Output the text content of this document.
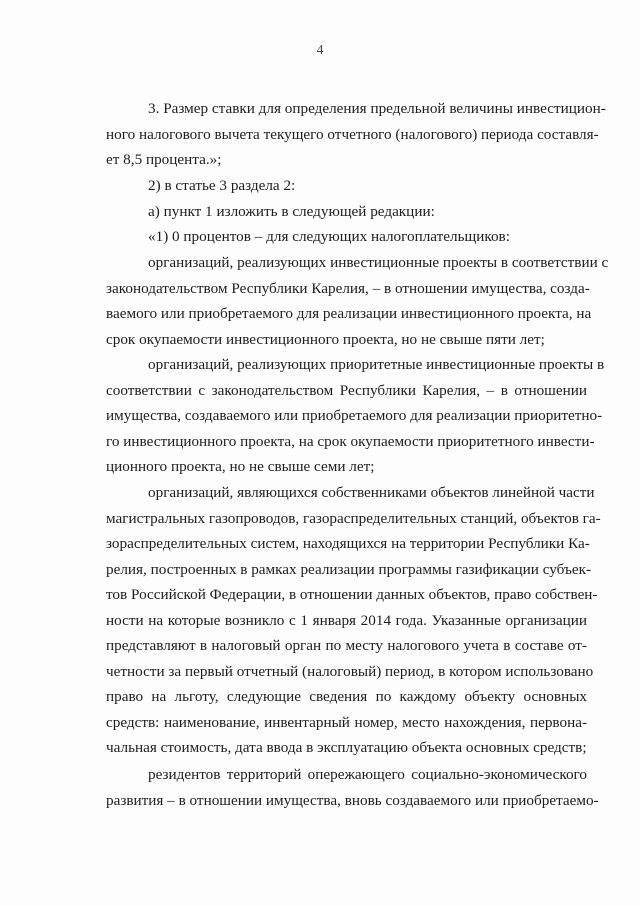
4
3. Размер ставки для определения предельной величины инвестицион-
ного налогового вычета текущего отчетного (налогового) периода составля-
ет 8,5 процента.»;
2) в статье 3 раздела 2:
а) пункт 1 изложить в следующей редакции:
«1) 0 процентов – для следующих налогоплательщиков:
организаций, реализующих инвестиционные проекты в соответствии с
законодательством Республики Карелия, – в отношении имущества, созда-
ваемого или приобретаемого для реализации инвестиционного проекта, на
срок окупаемости инвестиционного проекта, но не свыше пяти лет;
организаций, реализующих приоритетные инвестиционные проекты в
соответствии с законодательством Республики Карелия, – в отношении
имущества, создаваемого или приобретаемого для реализации приоритетно-
го инвестиционного проекта, на срок окупаемости приоритетного инвести-
ционного проекта, но не свыше семи лет;
организаций, являющихся собственниками объектов линейной части
магистральных газопроводов, газораспределительных станций, объектов га-
зораспределительных систем, находящихся на территории Республики Ка-
релия, построенных в рамках реализации программы газификации субъек-
тов Российской Федерации, в отношении данных объектов, право собствен-
ности на которые возникло с 1 января 2014 года. Указанные организации
представляют в налоговый орган по месту налогового учета в составе от-
четности за первый отчетный (налоговый) период, в котором использовано
право на льготу, следующие сведения по каждому объекту основных
средств: наименование, инвентарный номер, место нахождения, первона-
чальная стоимость, дата ввода в эксплуатацию объекта основных средств;
резидентов территорий опережающего социально-экономического
развития – в отношении имущества, вновь создаваемого или приобретаемо-
